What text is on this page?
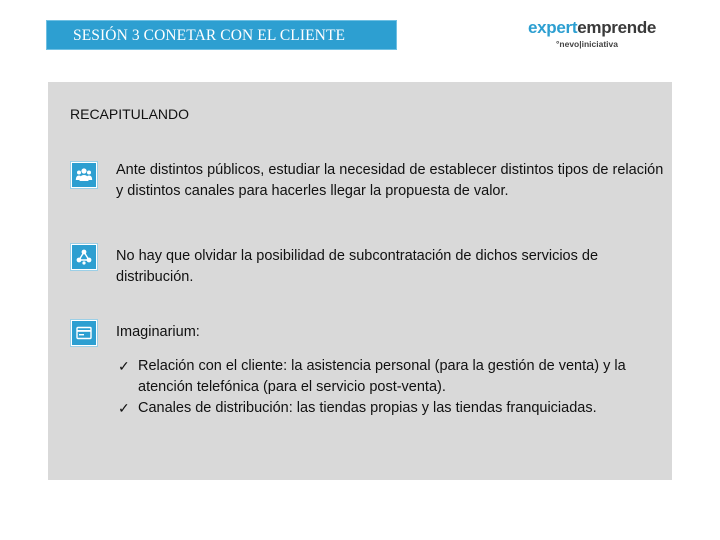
SESIÓN 3 CONETAR CON EL CLIENTE	expertemprende
°nevo|iniciativa
RECAPITULANDO
Ante distintos públicos, estudiar la necesidad de establecer distintos tipos de relación y distintos canales para hacerles llegar la propuesta de valor.
No hay que olvidar la posibilidad de subcontratación de dichos servicios de distribución.
Imaginarium:
✓ Relación con el cliente: la asistencia personal (para la gestión de venta) y la atención telefónica (para el servicio post-venta).
✓ Canales de distribución: las tiendas propias y las tiendas franquiciadas.
